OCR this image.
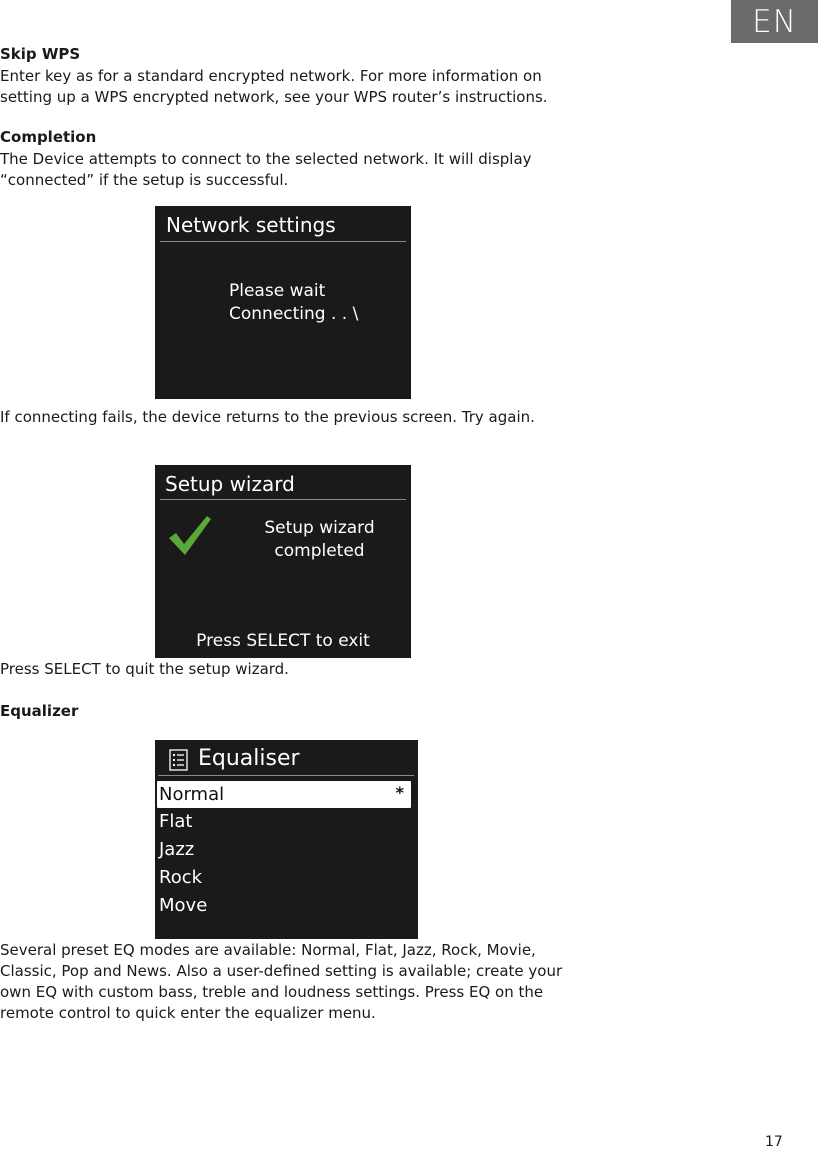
EN
Skip WPS
Enter key as for a standard encrypted network. For more information on setting up a WPS encrypted network, see your WPS router’s instructions.
Completion
The Device attempts to connect to the selected network. It will display “connected” if the setup is successful.
Network settings
Please wait
Connecting . . \
If connecting fails, the device returns to the previous screen. Try again.
Setup wizard
Setup wizard
completed
Press SELECT to exit
Press SELECT to quit the setup wizard.
Equalizer
Equaliser
Normal	*
Flat
Jazz
Rock
Move
Several preset EQ modes are available: Normal, Flat, Jazz, Rock, Movie, Classic, Pop and News. Also a user-defined setting is available; create your own EQ with custom bass, treble and loudness settings. Press EQ on the remote control to quick enter the equalizer menu.
17
